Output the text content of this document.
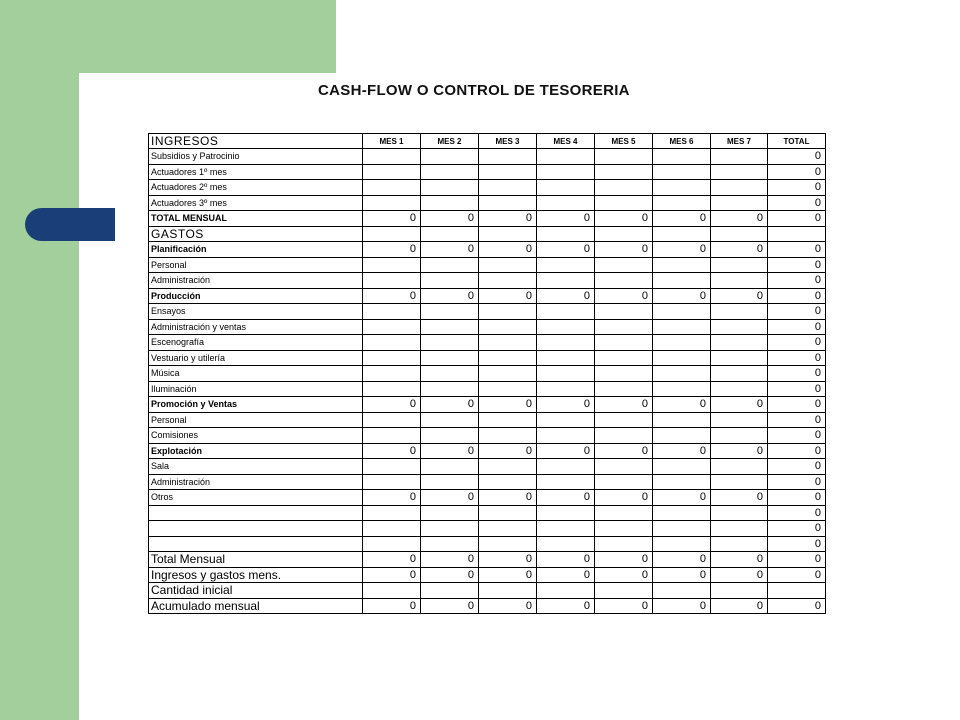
CASH-FLOW O CONTROL DE TESORERIA
INGRESOS	MES 1	MES 2	MES 3	MES 4	MES 5	MES 6	MES 7	TOTAL
Subsidios y Patrocinio								0
Actuadores 1º mes								0
Actuadores 2º mes								0
Actuadores 3º mes								0
TOTAL MENSUAL	0	0	0	0	0	0	0	0
GASTOS								
Planificación	0	0	0	0	0	0	0	0
Personal								0
Administración								0
Producción	0	0	0	0	0	0	0	0
Ensayos								0
Administración y ventas								0
Escenografía								0
Vestuario y utilería								0
Música								0
Iluminación								0
Promoción y Ventas	0	0	0	0	0	0	0	0
Personal								0
Comisiones								0
Explotación	0	0	0	0	0	0	0	0
Sala								0
Administración								0
Otros	0	0	0	0	0	0	0	0
								0
								0
								0
Total Mensual	0	0	0	0	0	0	0	0
Ingresos y gastos mens.	0	0	0	0	0	0	0	0
Cantidad inicial								
Acumulado mensual	0	0	0	0	0	0	0	0
